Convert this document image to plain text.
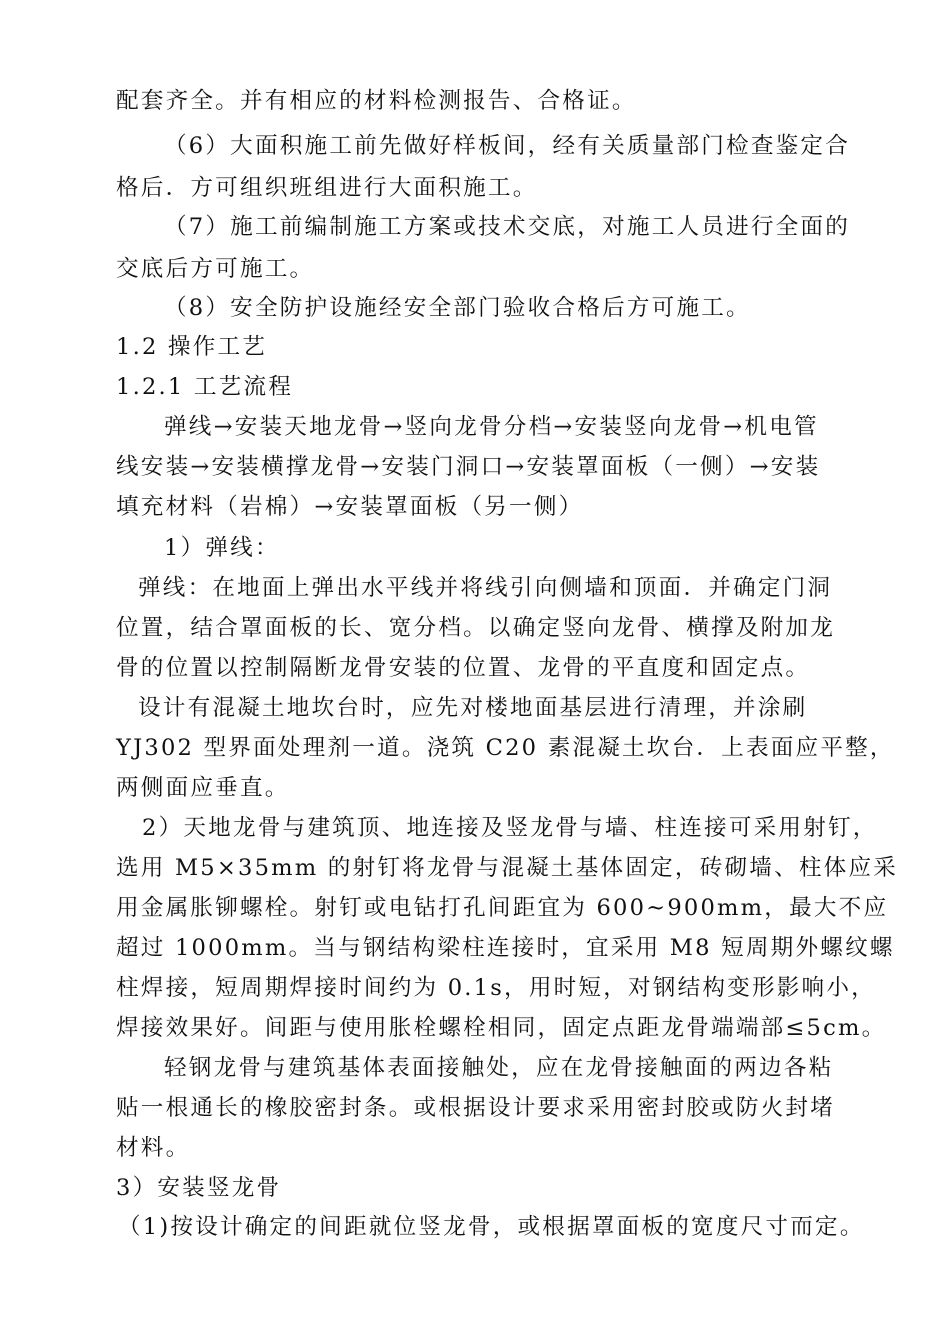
配套齐全。并有相应的材料检测报告、合格证。
（6）大面积施工前先做好样板间，经有关质量部门检查鉴定合
格后．方可组织班组进行大面积施工。
（7）施工前编制施工方案或技术交底，对施工人员进行全面的
交底后方可施工。
（8）安全防护设施经安全部门验收合格后方可施工。
1.2 操作工艺
1.2.1 工艺流程
弹线→安装天地龙骨→竖向龙骨分档→安装竖向龙骨→机电管
线安装→安装横撑龙骨→安装门洞口→安装罩面板（一侧）→安装
填充材料（岩棉）→安装罩面板（另一侧）
1）弹线：
弹线：在地面上弹出水平线并将线引向侧墙和顶面．并确定门洞
位置，结合罩面板的长、宽分档。以确定竖向龙骨、横撑及附加龙
骨的位置以控制隔断龙骨安装的位置、龙骨的平直度和固定点。
设计有混凝土地坎台时，应先对楼地面基层进行清理，并涂刷
YJ302 型界面处理剂一道。浇筑 C20 素混凝土坎台．上表面应平整，
两侧面应垂直。
2）天地龙骨与建筑顶、地连接及竖龙骨与墙、柱连接可采用射钉，
选用 M5×35mm 的射钉将龙骨与混凝土基体固定，砖砌墙、柱体应采
用金属胀铆螺栓。射钉或电钻打孔间距宜为 600~900mm，最大不应
超过 1000mm。当与钢结构梁柱连接时，宜采用 M8 短周期外螺纹螺
柱焊接，短周期焊接时间约为 0.1s，用时短，对钢结构变形影响小，
焊接效果好。间距与使用胀栓螺栓相同，固定点距龙骨端端部≤5cm。
轻钢龙骨与建筑基体表面接触处，应在龙骨接触面的两边各粘
贴一根通长的橡胶密封条。或根据设计要求采用密封胶或防火封堵
材料。
3）安装竖龙骨
（1)按设计确定的间距就位竖龙骨，或根据罩面板的宽度尺寸而定。
